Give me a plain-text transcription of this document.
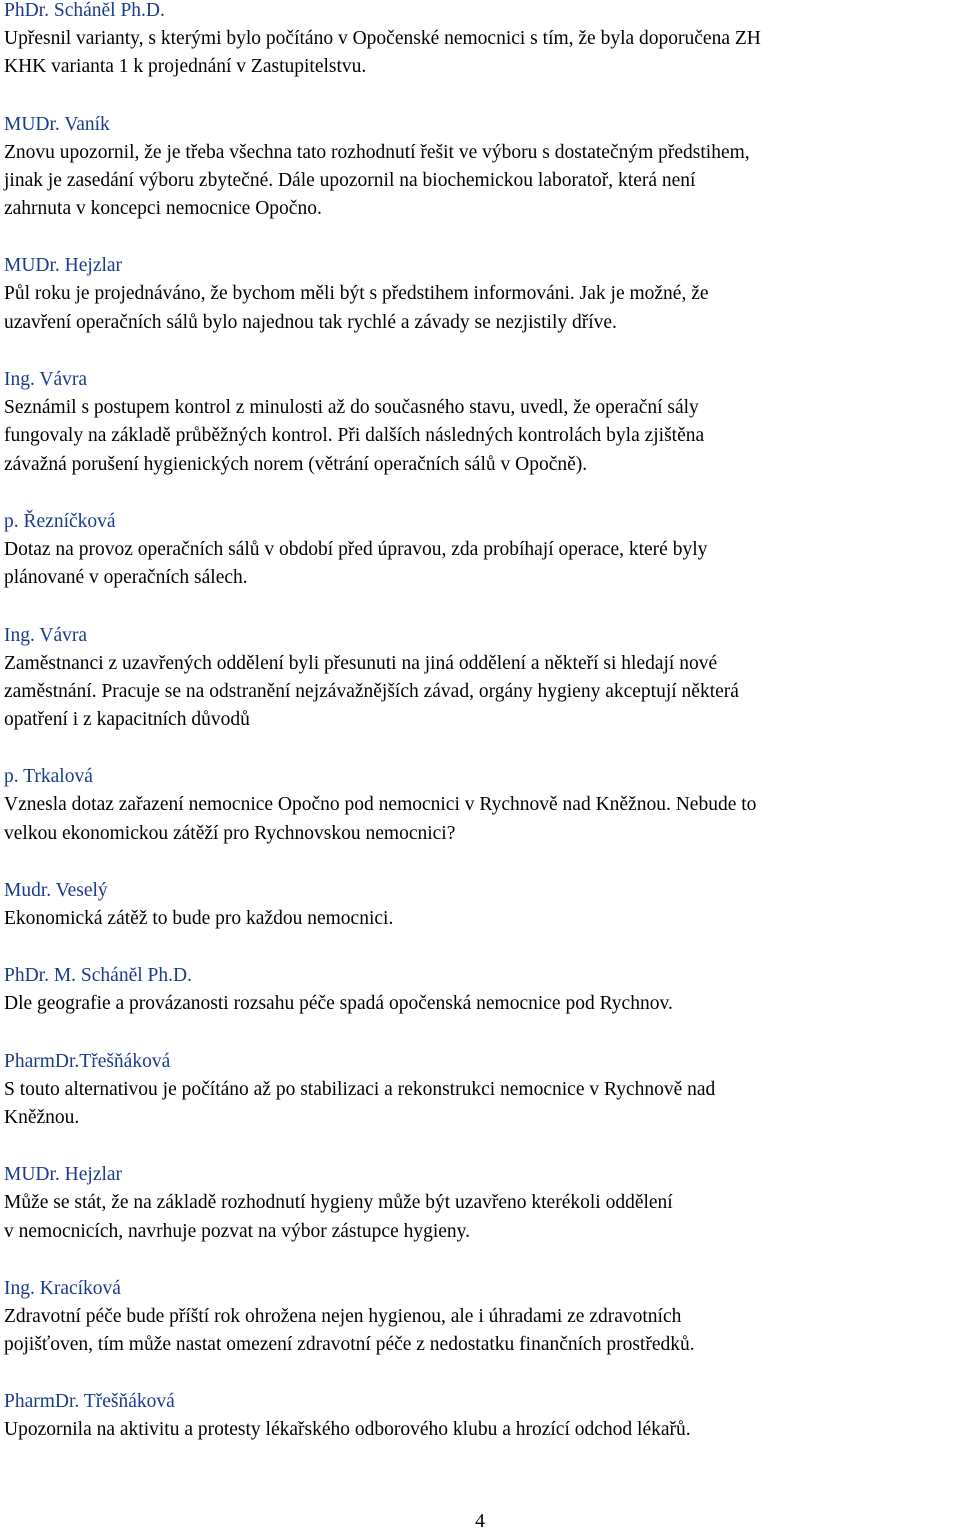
PhDr. Schánĕl Ph.D.
Upřesnil varianty, s kterými bylo počítáno v Opočenské nemocnici s tím, že byla doporučena ZH
KHK varianta 1 k projednání v Zastupitelstvu.
MUDr. Vaník
Znovu upozornil, že je třeba všechna tato rozhodnutí řešit ve výboru s dostatečným předstihem,
jinak je zasedání výboru zbytečné. Dále upozornil na biochemickou laboratoř, která není
zahrnuta v koncepci nemocnice Opočno.
MUDr. Hejzlar
Půl roku je projednáváno, že bychom měli být s předstihem informováni. Jak je možné, že
uzavření operačních sálů bylo najednou tak rychlé a závady se nezjistily dříve.
Ing. Vávra
Seznámil s postupem kontrol z minulosti až do současného stavu, uvedl, že operační sály
fungovaly na základě průběžných kontrol. Při dalších následných kontrolách byla zjištěna
závažná porušení hygienických norem (větrání operačních sálů v Opočně).
p. Řezníčková
Dotaz na provoz operačních sálů v období před úpravou, zda probíhají operace, které byly
plánované v operačních sálech.
Ing. Vávra
Zaměstnanci z uzavřených oddělení byli přesunuti na jiná oddělení a někteří si hledají nové
zaměstnání. Pracuje se na odstranění nejzávažnějších závad, orgány hygieny akceptují některá
opatření i z kapacitních důvodů
p. Trkalová
Vznesla dotaz zařazení nemocnice Opočno pod nemocnici v Rychnově nad Kněžnou. Nebude to
velkou ekonomickou zátěží pro Rychnovskou nemocnici?
Mudr. Veselý
Ekonomická zátěž to bude pro každou nemocnici.
PhDr. M. Schánĕl Ph.D.
Dle geografie a provázanosti rozsahu péče spadá opočenská nemocnice pod Rychnov.
PharmDr.Třešňáková
S touto alternativou je počítáno až po stabilizaci a rekonstrukci nemocnice v Rychnově nad
Kněžnou.
MUDr. Hejzlar
Může se stát, že na základě rozhodnutí hygieny může být uzavřeno kterékoli oddělení
v nemocnicích, navrhuje pozvat na výbor zástupce hygieny.
Ing. Kracíková
Zdravotní péče bude příští rok ohrožena nejen hygienou, ale i úhradami ze zdravotních
pojišťoven, tím může nastat omezení zdravotní péče z nedostatku finančních prostředků.
PharmDr. Třešňáková
Upozornila na aktivitu a protesty lékařského odborového klubu a hrozící odchod lékařů.
4
